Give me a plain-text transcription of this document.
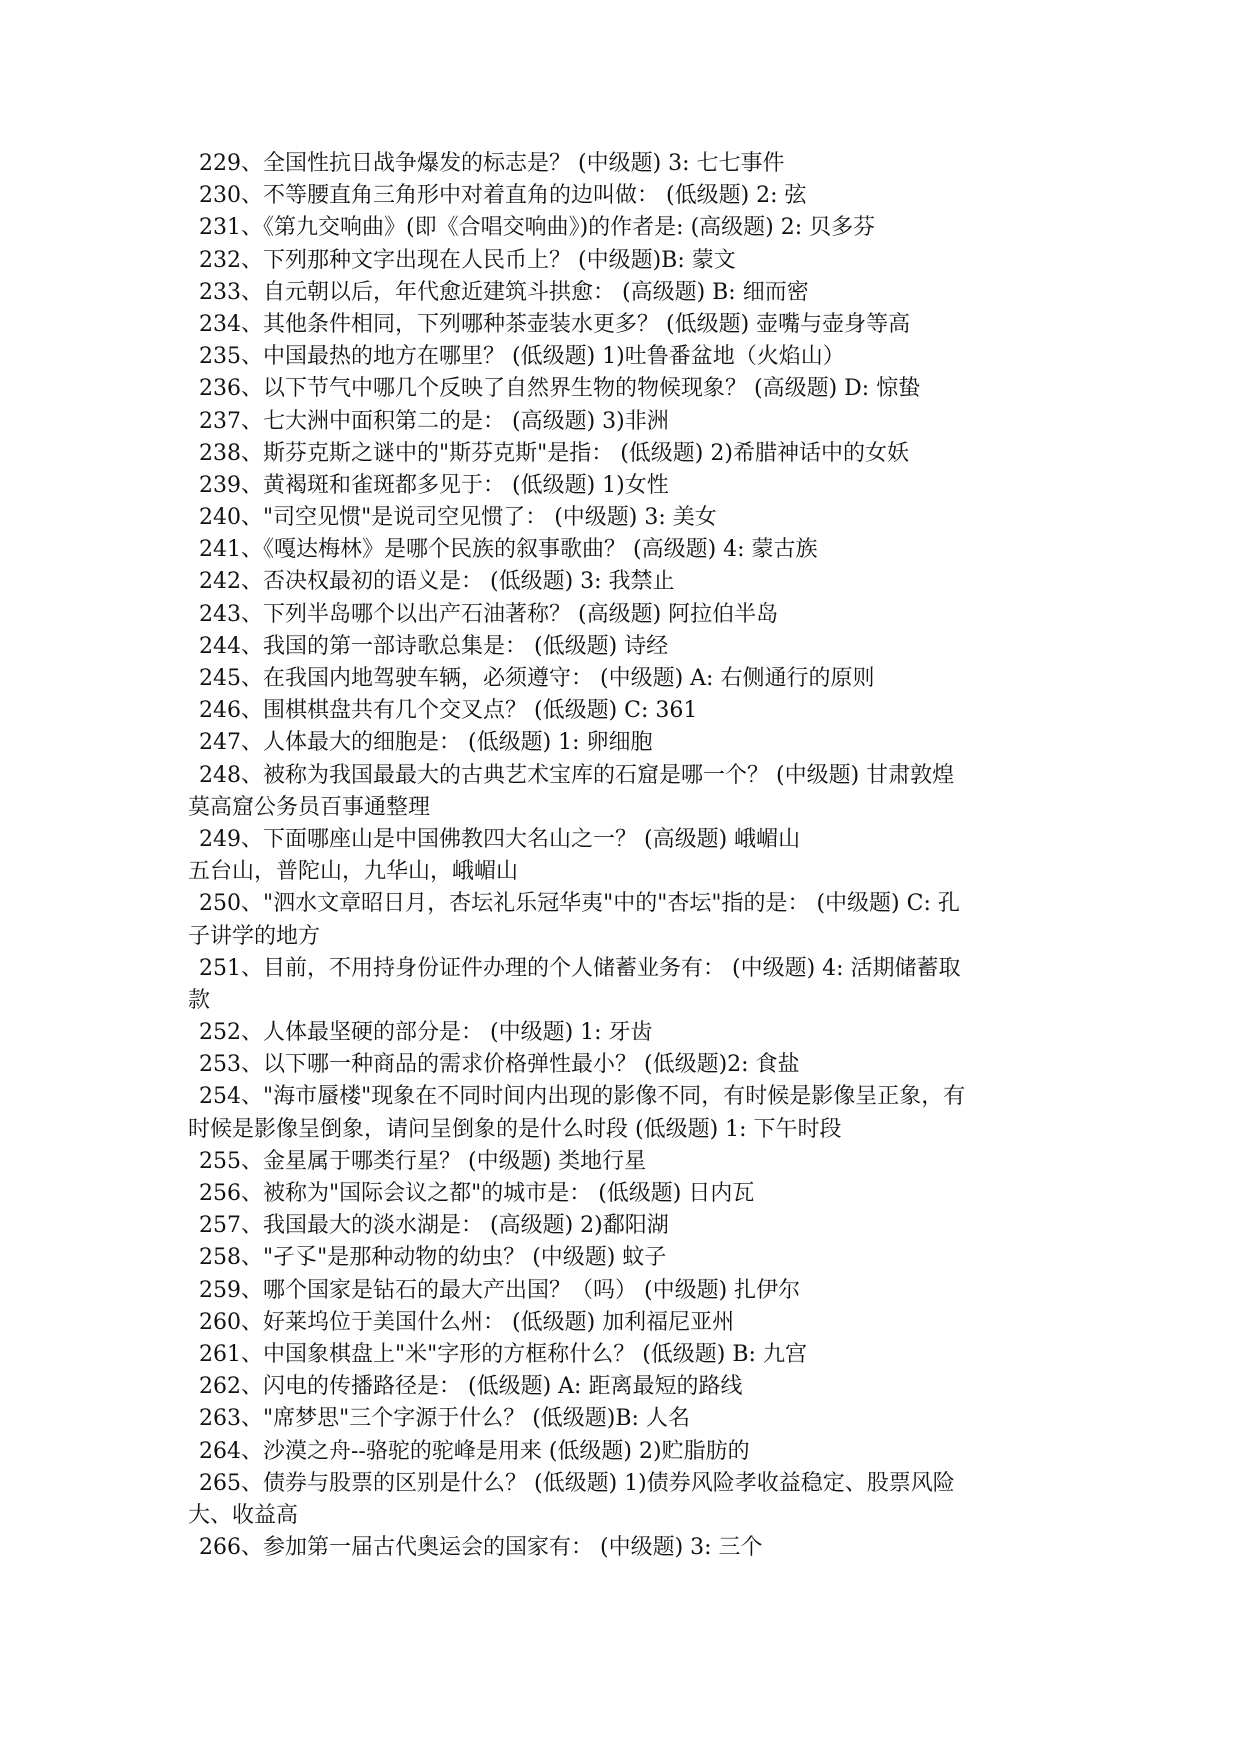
229、全国性抗日战争爆发的标志是？ (中级题) 3: 七七事件
230、不等腰直角三角形中对着直角的边叫做： (低级题) 2: 弦
231、《第九交响曲》(即《合唱交响曲》)的作者是: (高级题) 2: 贝多芬
232、下列那种文字出现在人民币上？ (中级题)B: 蒙文
233、自元朝以后，年代愈近建筑斗拱愈： (高级题) B: 细而密
234、其他条件相同，下列哪种茶壶装水更多？ (低级题) 壶嘴与壶身等高
235、中国最热的地方在哪里？ (低级题) 1)吐鲁番盆地（火焰山）
236、以下节气中哪几个反映了自然界生物的物候现象？ (高级题) D: 惊蛰
237、七大洲中面积第二的是： (高级题) 3)非洲
238、斯芬克斯之谜中的"斯芬克斯"是指： (低级题) 2)希腊神话中的女妖
239、黄褐斑和雀斑都多见于： (低级题) 1)女性
240、"司空见惯"是说司空见惯了： (中级题) 3: 美女
241、《嘎达梅林》是哪个民族的叙事歌曲？ (高级题) 4: 蒙古族
242、否决权最初的语义是： (低级题) 3: 我禁止
243、下列半岛哪个以出产石油著称？ (高级题) 阿拉伯半岛
244、我国的第一部诗歌总集是： (低级题) 诗经
245、在我国内地驾驶车辆，必须遵守： (中级题) A: 右侧通行的原则
246、围棋棋盘共有几个交叉点？ (低级题) C: 361
247、人体最大的细胞是： (低级题) 1: 卵细胞
248、被称为我国最最大的古典艺术宝库的石窟是哪一个？ (中级题) 甘肃敦煌
莫高窟公务员百事通整理
249、下面哪座山是中国佛教四大名山之一？ (高级题) 峨嵋山
五台山，普陀山，九华山，峨嵋山
250、"泗水文章昭日月，杏坛礼乐冠华夷"中的"杏坛"指的是： (中级题) C: 孔
子讲学的地方
251、目前，不用持身份证件办理的个人储蓄业务有： (中级题) 4: 活期储蓄取
款
252、人体最坚硬的部分是： (中级题) 1: 牙齿
253、以下哪一种商品的需求价格弹性最小？ (低级题)2: 食盐
254、"海市蜃楼"现象在不同时间内出现的影像不同，有时候是影像呈正象，有
时候是影像呈倒象，请问呈倒象的是什么时段 (低级题) 1: 下午时段
255、金星属于哪类行星？ (中级题) 类地行星
256、被称为"国际会议之都"的城市是： (低级题) 日内瓦
257、我国最大的淡水湖是： (高级题) 2)鄱阳湖
258、"孑孓"是那种动物的幼虫？ (中级题) 蚊子
259、哪个国家是钻石的最大产出国？（吗） (中级题) 扎伊尔
260、好莱坞位于美国什么州： (低级题) 加利福尼亚州
261、中国象棋盘上"米"字形的方框称什么？ (低级题) B: 九宫
262、闪电的传播路径是： (低级题) A: 距离最短的路线
263、"席梦思"三个字源于什么？ (低级题)B: 人名
264、沙漠之舟--骆驼的驼峰是用来 (低级题) 2)贮脂肪的
265、债券与股票的区别是什么？ (低级题) 1)债券风险孝收益稳定、股票风险
大、收益高
266、参加第一届古代奥运会的国家有： (中级题) 3: 三个
